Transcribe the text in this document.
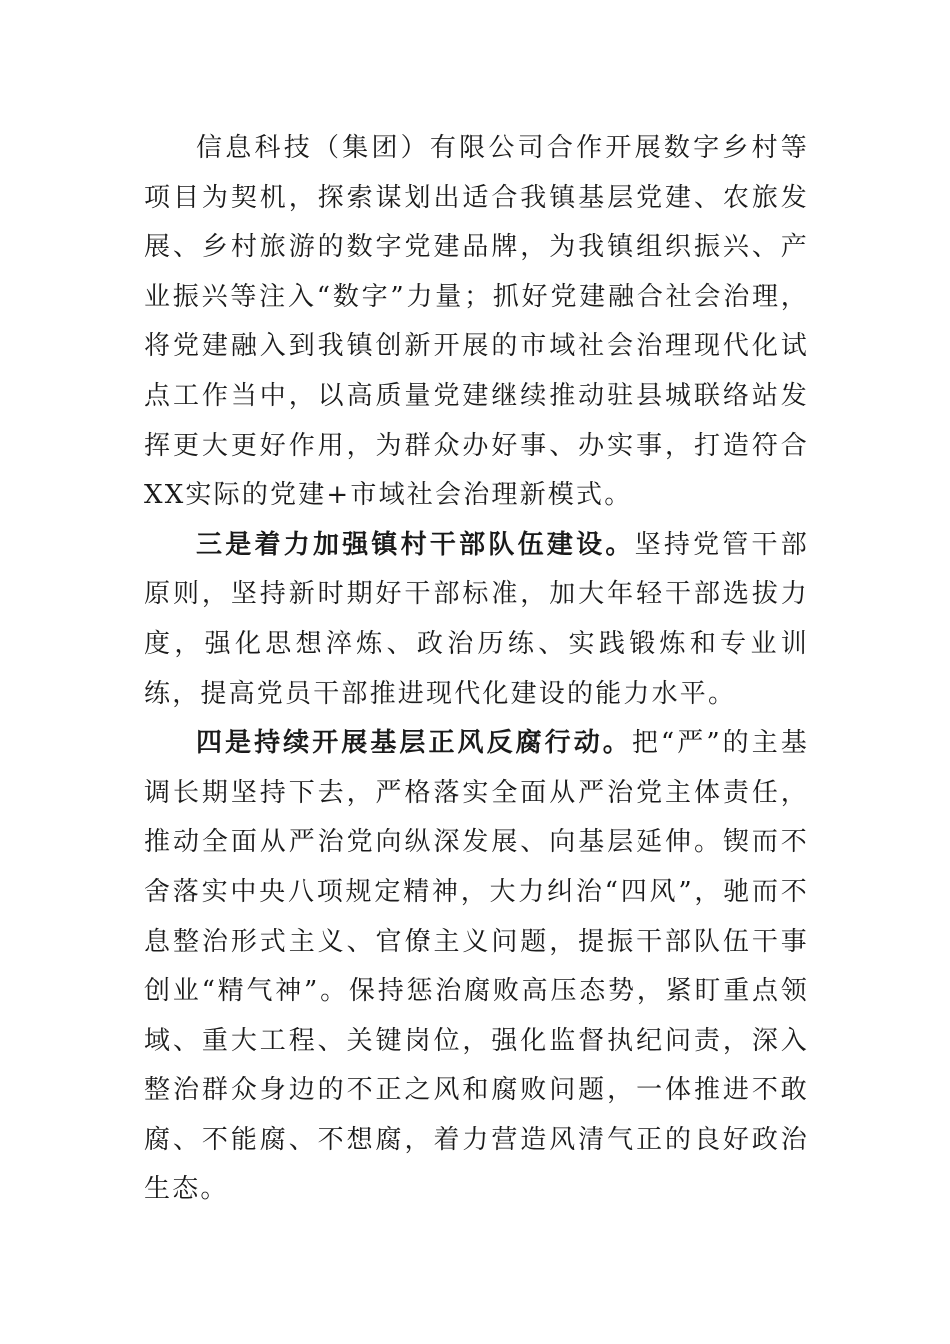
信息科技（集团）有限公司合作开展数字乡村等项目为契机，探索谋划出适合我镇基层党建、农旅发展、乡村旅游的数字党建品牌，为我镇组织振兴、产业振兴等注入“数字”力量；抓好党建融合社会治理，将党建融入到我镇创新开展的市域社会治理现代化试点工作当中，以高质量党建继续推动驻县城联络站发挥更大更好作用，为群众办好事、办实事，打造符合XX实际的党建+市域社会治理新模式。

三是着力加强镇村干部队伍建设。坚持党管干部原则，坚持新时期好干部标准，加大年轻干部选拔力度，强化思想淬炼、政治历练、实践锻炼和专业训练，提高党员干部推进现代化建设的能力水平。

四是持续开展基层正风反腐行动。把“严”的主基调长期坚持下去，严格落实全面从严治党主体责任，推动全面从严治党向纵深发展、向基层延伸。锲而不舍落实中央八项规定精神，大力纠治“四风”，驰而不息整治形式主义、官僚主义问题，提振干部队伍干事创业“精气神”。保持惩治腐败高压态势，紧盯重点领域、重大工程、关键岗位，强化监督执纪问责，深入整治群众身边的不正之风和腐败问题，一体推进不敢腐、不能腐、不想腐，着力营造风清气正的良好政治生态。
